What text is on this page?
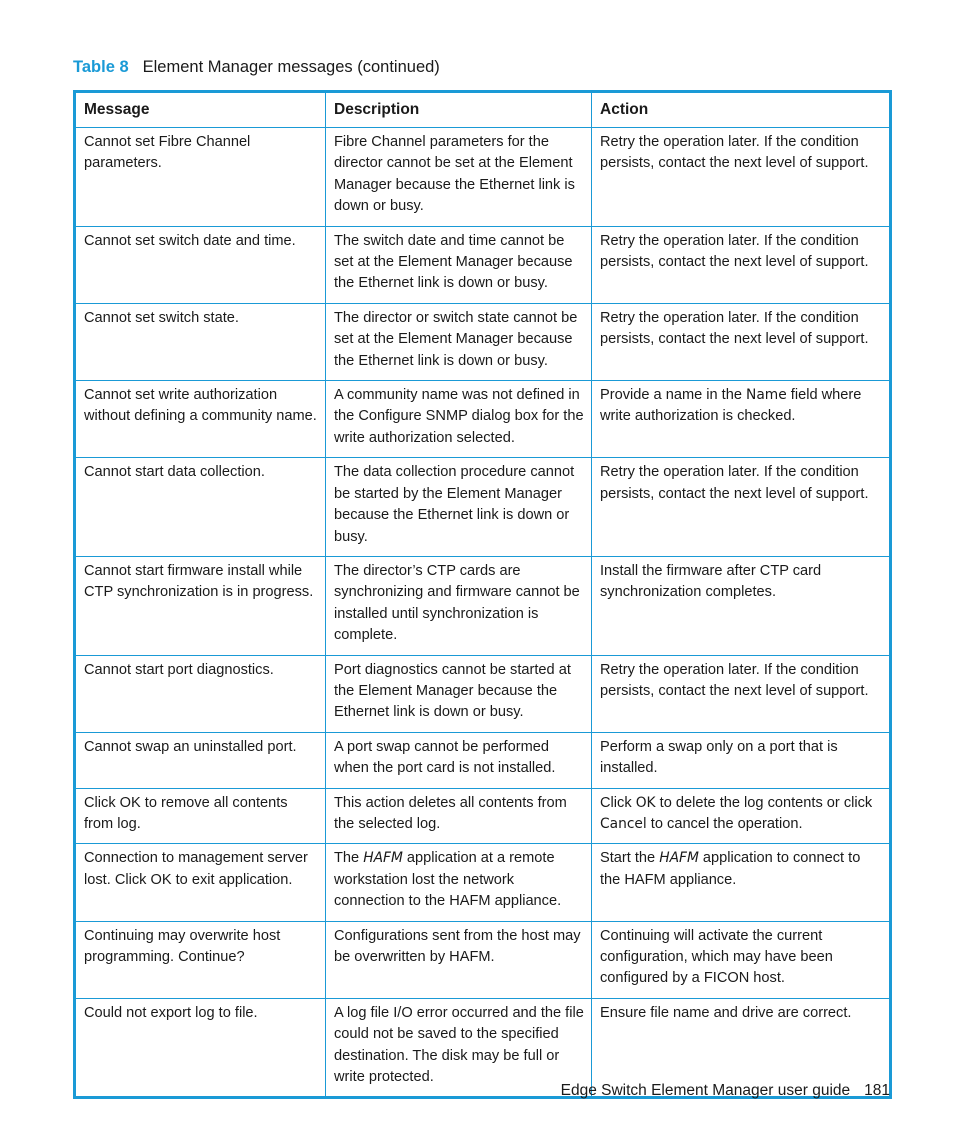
Table 8 Element Manager messages (continued)
Message	Description	Action
Cannot set Fibre Channel parameters.	Fibre Channel parameters for the director cannot be set at the Element Manager because the Ethernet link is down or busy.	Retry the operation later. If the condition persists, contact the next level of support.
Cannot set switch date and time.	The switch date and time cannot be set at the Element Manager because the Ethernet link is down or busy.	Retry the operation later. If the condition persists, contact the next level of support.
Cannot set switch state.	The director or switch state cannot be set at the Element Manager because the Ethernet link is down or busy.	Retry the operation later. If the condition persists, contact the next level of support.
Cannot set write authorization without defining a community name.	A community name was not defined in the Configure SNMP dialog box for the write authorization selected.	Provide a name in the Name field where write authorization is checked.
Cannot start data collection.	The data collection procedure cannot be started by the Element Manager because the Ethernet link is down or busy.	Retry the operation later. If the condition persists, contact the next level of support.
Cannot start firmware install while CTP synchronization is in progress.	The director’s CTP cards are synchronizing and firmware cannot be installed until synchronization is complete.	Install the firmware after CTP card synchronization completes.
Cannot start port diagnostics.	Port diagnostics cannot be started at the Element Manager because the Ethernet link is down or busy.	Retry the operation later. If the condition persists, contact the next level of support.
Cannot swap an uninstalled port.	A port swap cannot be performed when the port card is not installed.	Perform a swap only on a port that is installed.
Click OK to remove all contents from log.	This action deletes all contents from the selected log.	Click OK to delete the log contents or click Cancel to cancel the operation.
Connection to management server lost. Click OK to exit application.	The HAFM application at a remote workstation lost the network connection to the HAFM appliance.	Start the HAFM application to connect to the HAFM appliance.
Continuing may overwrite host programming. Continue?	Configurations sent from the host may be overwritten by HAFM.	Continuing will activate the current configuration, which may have been configured by a FICON host.
Could not export log to file.	A log file I/O error occurred and the file could not be saved to the specified destination. The disk may be full or write protected.	Ensure file name and drive are correct.
Edge Switch Element Manager user guide 181
